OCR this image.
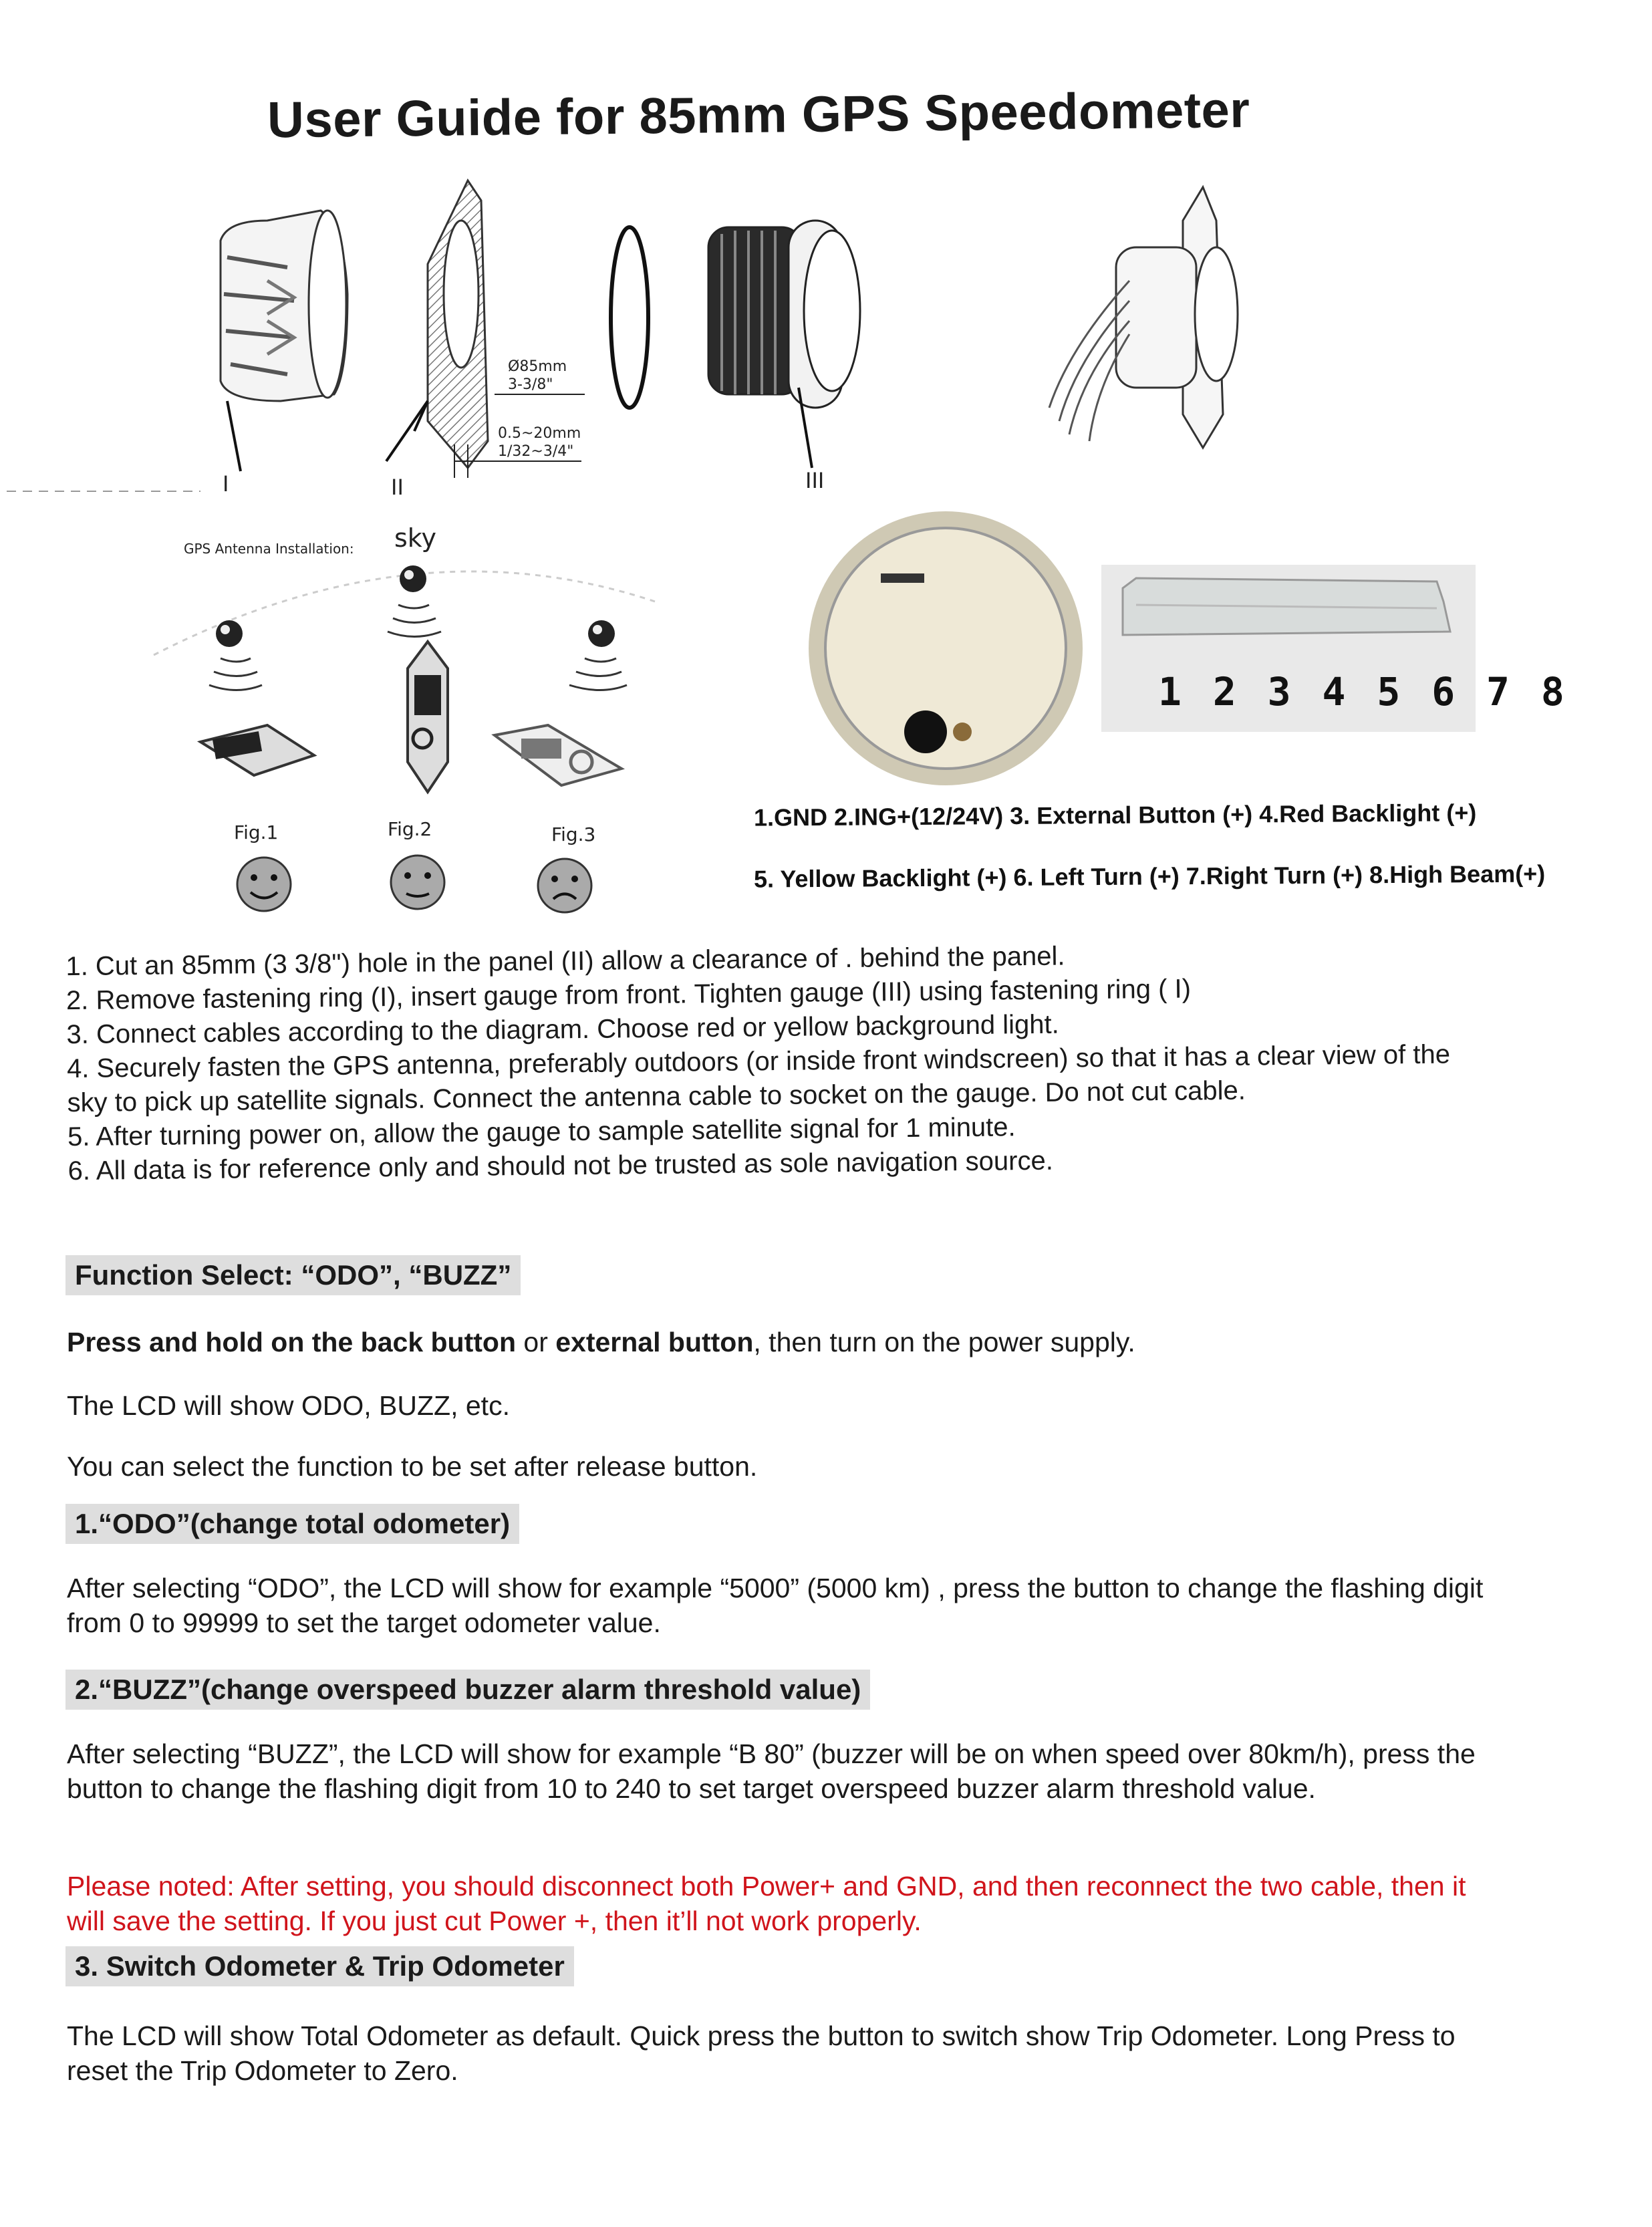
User Guide for 85mm GPS Speedometer
I	II
Ø85mm
3-3/8"
0.5~20mm
1/32~3/4"
III
GPS Antenna Installation: sky
Fig.1	Fig.2	Fig.3
1 2 3 4 5 6 7 8
1.GND 2.ING+(12/24V) 3. External Button (+) 4.Red Backlight (+)
5. Yellow Backlight (+) 6. Left Turn (+) 7.Right Turn (+) 8.High Beam(+)

1. Cut an 85mm (3 3/8") hole in the panel (II) allow a clearance of . behind the panel.

2. Remove fastening ring (I), insert gauge from front. Tighten gauge (III) using fastening ring ( I)

3. Connect cables according to the diagram. Choose red or yellow background light.

4. Securely fasten the GPS antenna, preferably outdoors (or inside front windscreen) so that it has a clear view of the sky to pick up satellite signals. Connect the antenna cable to socket on the gauge. Do not cut cable.

5. After turning power on, allow the gauge to sample satellite signal for 1 minute.

6. All data is for reference only and should not be trusted as sole navigation source.

Function Select: “ODO”, “BUZZ”
Press and hold on the back button or external button, then turn on the power supply.
The LCD will show ODO, BUZZ, etc.
You can select the function to be set after release button.
1.“ODO”(change total odometer)
After selecting “ODO”, the LCD will show for example “5000” (5000 km) , press the button to change the flashing digit from 0 to 99999 to set the target odometer value.
2.“BUZZ”(change overspeed buzzer alarm threshold value)
After selecting “BUZZ”, the LCD will show for example “B 80” (buzzer will be on when speed over 80km/h), press the button to change the flashing digit from 10 to 240 to set target overspeed buzzer alarm threshold value.
Please noted: After setting, you should disconnect both Power+ and GND, and then reconnect the two cable, then it will save the setting. If you just cut Power +, then it’ll not work properly.
3. Switch Odometer & Trip Odometer
The LCD will show Total Odometer as default. Quick press the button to switch show Trip Odometer. Long Press to reset the Trip Odometer to Zero.
